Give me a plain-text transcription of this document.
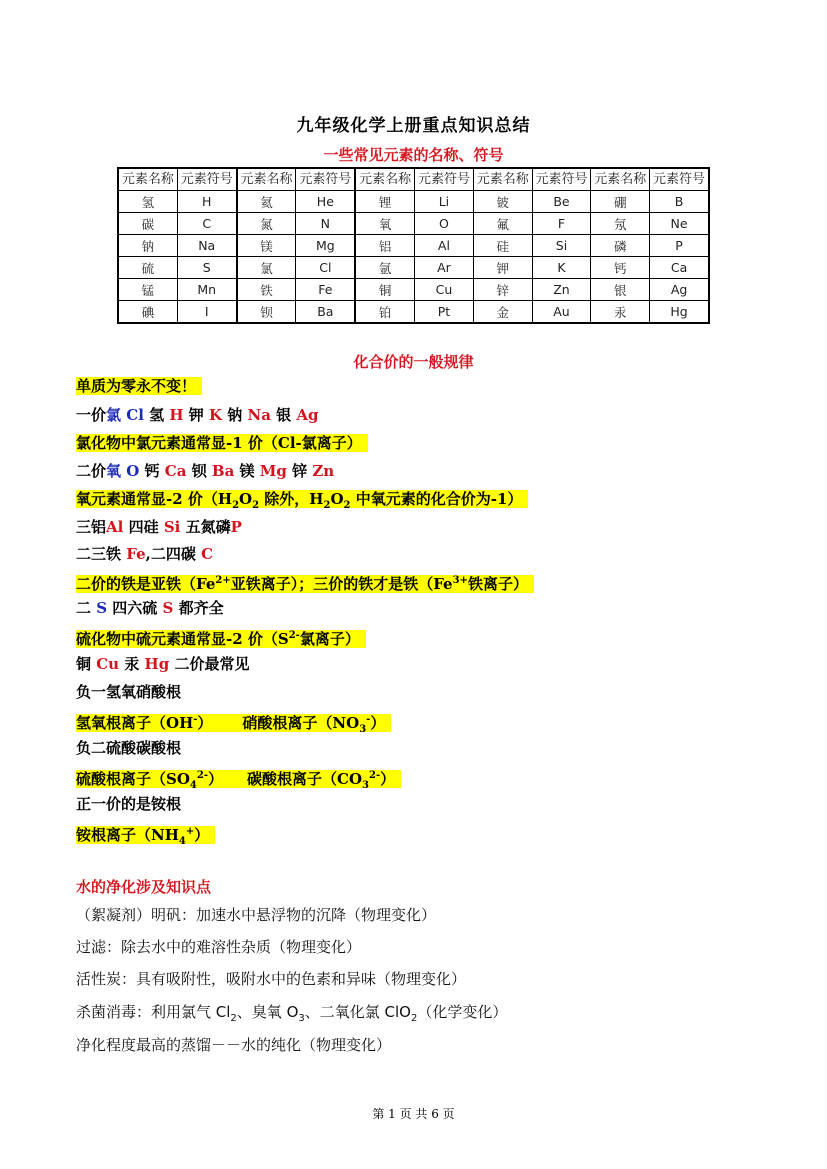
九年级化学上册重点知识总结
一些常见元素的名称、符号
元素名称	元素符号	元素名称	元素符号	元素名称	元素符号	元素名称	元素符号	元素名称	元素符号
氢	H	氦	He	锂	Li	铍	Be	硼	B
碳	C	氮	N	氧	O	氟	F	氖	Ne
钠	Na	镁	Mg	铝	Al	硅	Si	磷	P
硫	S	氯	Cl	氩	Ar	钾	K	钙	Ca
锰	Mn	铁	Fe	铜	Cu	锌	Zn	银	Ag
碘	I	钡	Ba	铂	Pt	金	Au	汞	Hg
化合价的一般规律
单质为零永不变！
一价氯 Cl 氢 H 钾 K 钠 Na 银 Ag
氯化物中氯元素通常显-1 价（Cl-氯离子）
二价氧 O 钙 Ca 钡 Ba 镁 Mg 锌 Zn
氧元素通常显-2 价（$H_2O_2$ 除外，$H_2O_2$ 中氧元素的化合价为-1）
三铝Al 四硅 Si 五氮磷P
二三铁 Fe,二四碳 C
二价的铁是亚铁（$Fe^{2+}$亚铁离子）；三价的铁才是铁（$Fe^{3+}$铁离子）
二 S 四六硫 S 都齐全
硫化物中硫元素通常显-2 价（$S^{2-}$氯离子）
铜 Cu 汞 Hg 二价最常见
负一氢氧硝酸根
氢氧根离子（OH-） 硝酸根离子$(NO_3^-)$
负二硫酸碳酸根
硫酸根离子$(SO_4^{2-})$ 碳酸根离子$(CO_3^{2-})$
正一价的是铵根
铵根离子$(NH_4^+)$
水的净化涉及知识点
（絮凝剂）明矾：加速水中悬浮物的沉降（物理变化）
过滤：除去水中的难溶性杂质（物理变化）
活性炭：具有吸附性，吸附水中的色素和异味（物理变化）
杀菌消毒：利用氯气 $Cl_2$、臭氧 $O_3$、二氧化氯 ClO$_2$（化学变化）
净化程度最高的蒸馏－－水的纯化（物理变化）
第 1 页 共 6 页
